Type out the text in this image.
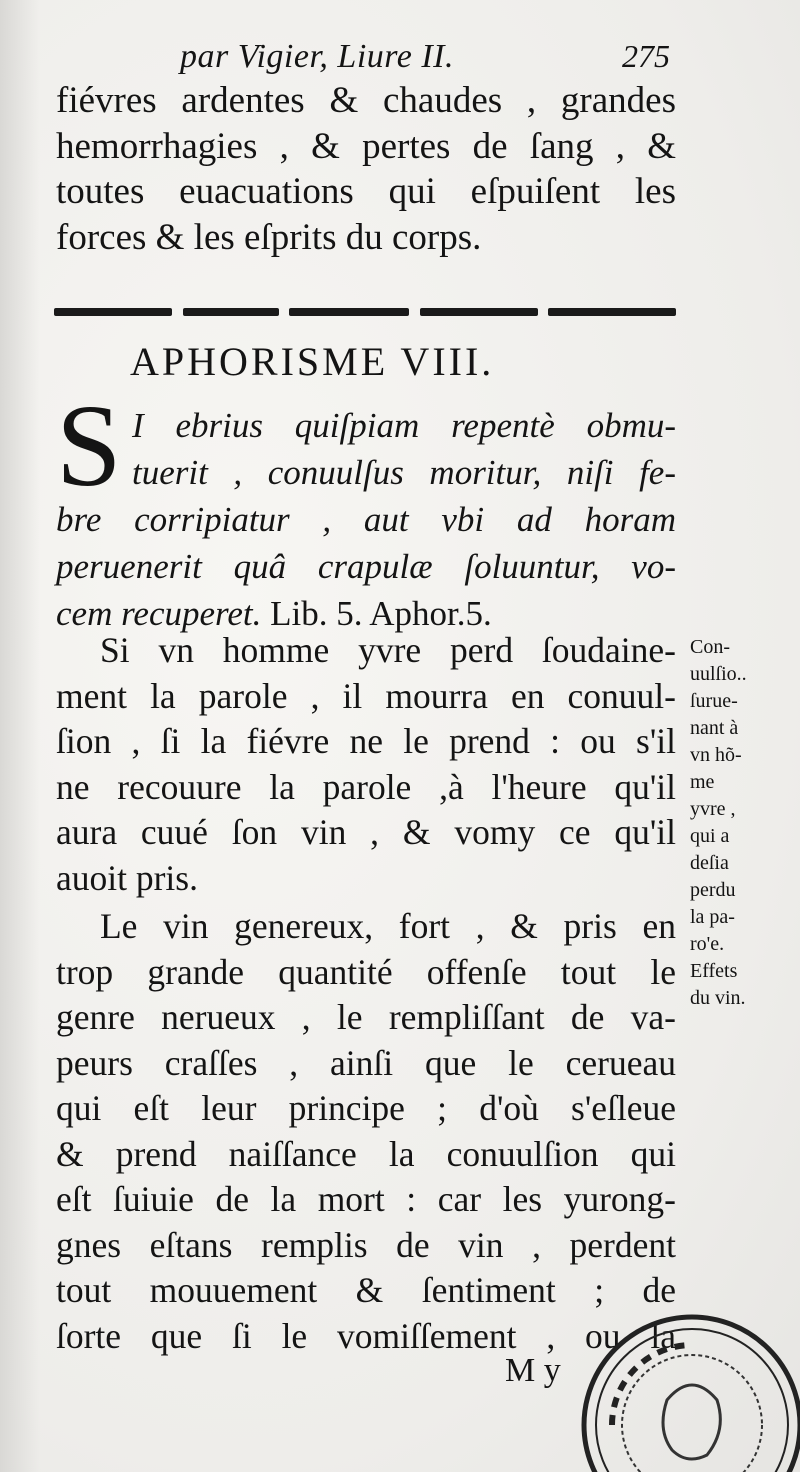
par Vigier, Liure II.	275
fiévres ardentes & chaudes , grandes
hemorrhagies , & pertes de ſang , &
toutes euacuations qui eſpuiſent les
forces & les eſprits du corps.
APHORISME VIII.
S I ebrius quiſpiam repentè obmu-
tuerit , conuulſus moritur, niſi fe-
bre corripiatur , aut vbi ad horam
peruenerit quâ crapulæ ſoluuntur, vo-
cem recuperet. Lib. 5. Aphor.5.
Si vn homme yvre perd ſoudaine-
ment la parole , il mourra en conuul-
ſion , ſi la fiévre ne le prend : ou s'il
ne recouure la parole ,à l'heure qu'il
aura cuué ſon vin , & vomy ce qu'il
auoit pris.
Le vin genereux, fort , & pris en
trop grande quantité offenſe tout le
genre nerueux , le rempliſſant de va-
peurs craſſes , ainſi que le cerueau
qui eſt leur principe ; d'où s'eſleue
& prend naiſſance la conuulſion qui
eſt ſuiuie de la mort : car les yurong-
gnes eſtans remplis de vin , perdent
tout mouuement & ſentiment ; de
ſorte que ſi le vomiſſement , ou la
Con-
uulſio..
ſurue-
nant à
vn hõ-
me
yvre ,
qui a
deſia
perdu
la pa-
ro'e.
Effets
du vin.
M y
